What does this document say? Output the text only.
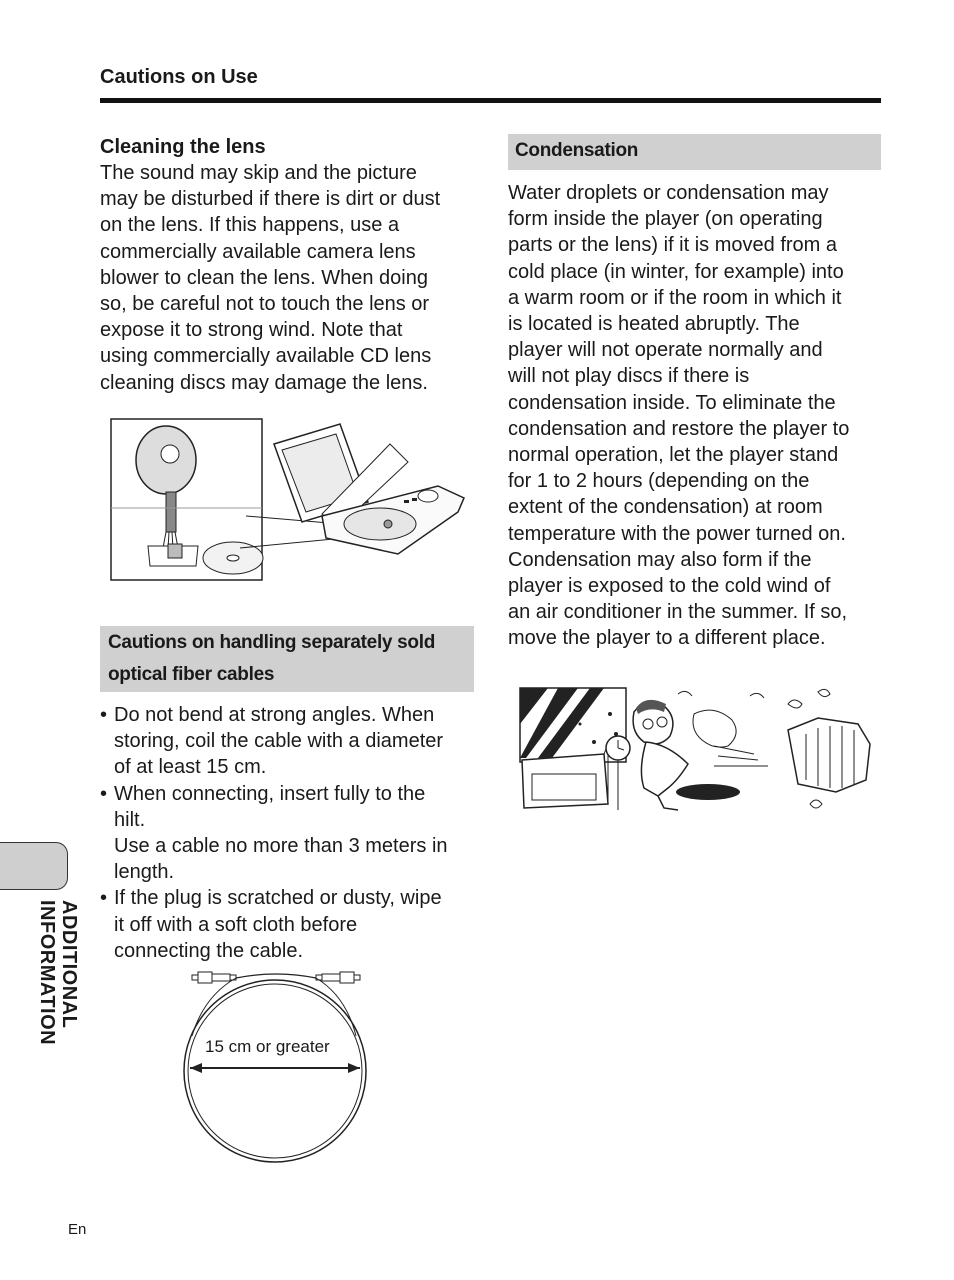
Cautions on Use
Cleaning the lens

The sound may skip and the picture
may be disturbed if there is dirt or dust
on the lens. If this happens, use a
commercially available camera lens
blower to clean the lens. When doing
so, be careful not to touch the lens or
expose it to strong wind. Note that
using commercially available CD lens
cleaning discs may damage the lens.

Cautions on handling separately sold
optical fiber cables
• Do not bend at strong angles. When
storing, coil the cable with a diameter
of at least 15 cm.
• When connecting, insert fully to the
hilt.
Use a cable no more than 3 meters in
length.
• If the plug is scratched or dusty, wipe
it off with a soft cloth before
connecting the cable.
15 cm or greater
Condensation

Water droplets or condensation may
form inside the player (on operating
parts or the lens) if it is moved from a
cold place (in winter, for example) into
a warm room or if the room in which it
is located is heated abruptly. The
player will not operate normally and
will not play discs if there is
condensation inside. To eliminate the
condensation and restore the player to
normal operation, let the player stand
for 1 to 2 hours (depending on the
extent of the condensation) at room
temperature with the power turned on.
Condensation may also form if the
player is exposed to the cold wind of
an air conditioner in the summer. If so,
move the player to a different place.

ADDITIONAL
INFORMATION
En
